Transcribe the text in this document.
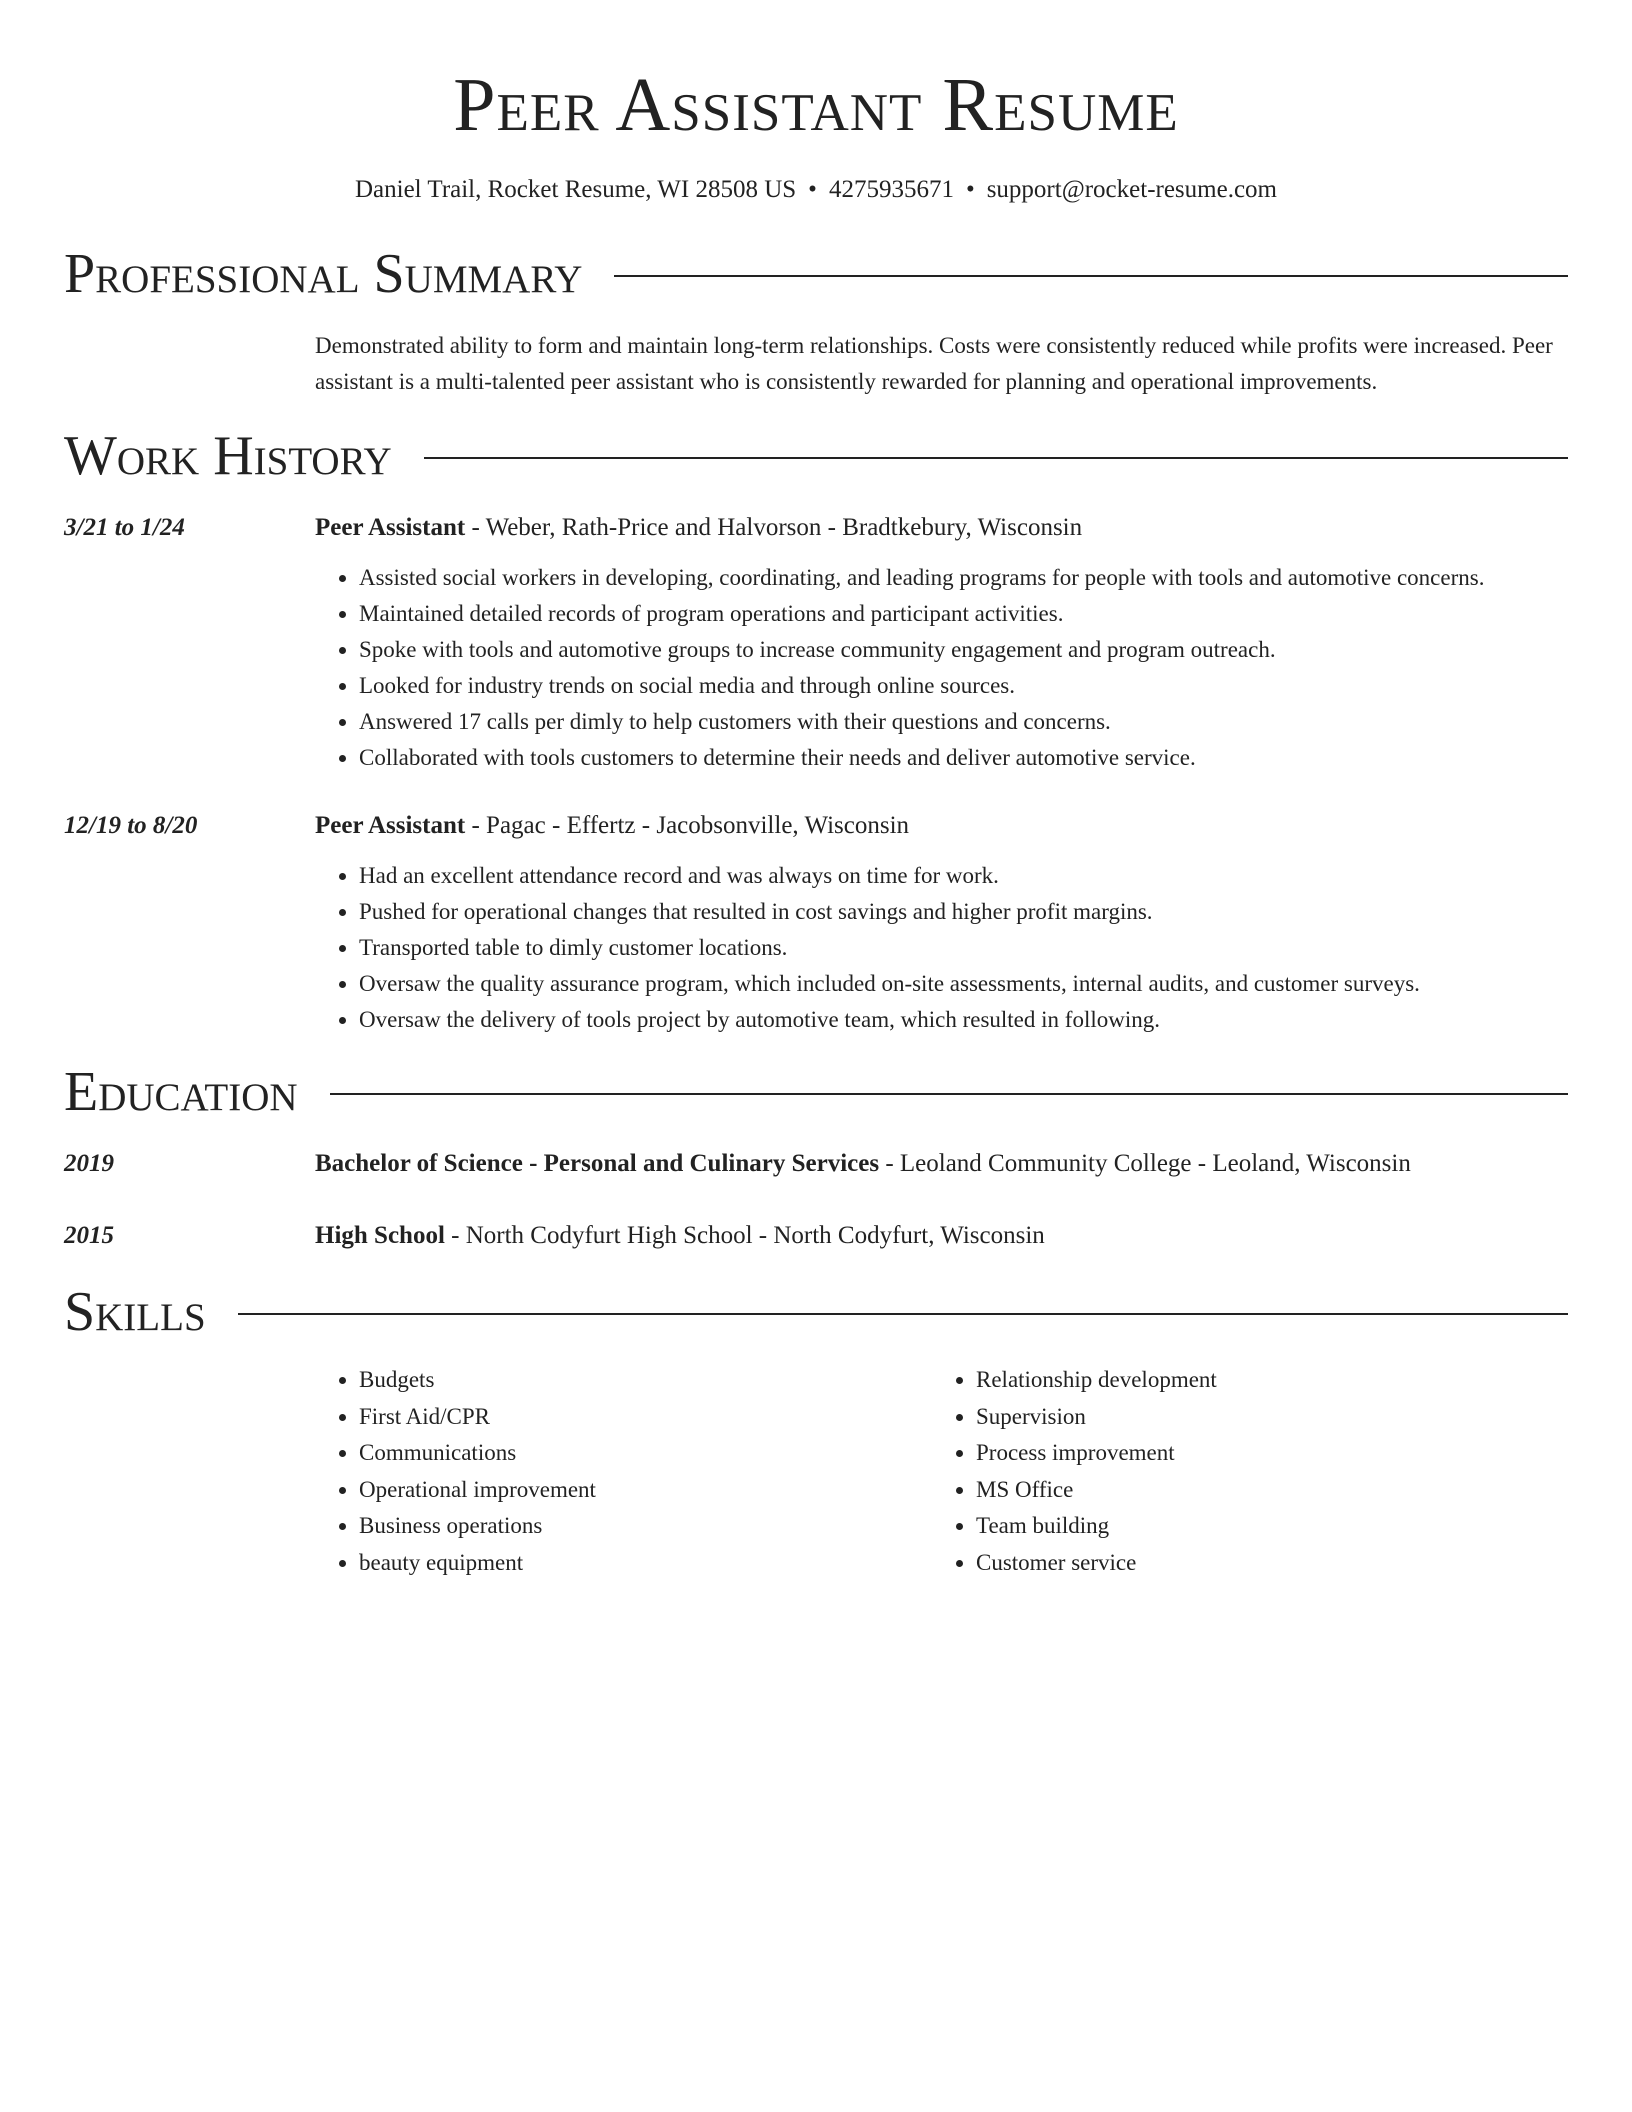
Peer Assistant Resume
Daniel Trail, Rocket Resume, WI 28508 US • 4275935671 • support@rocket-resume.com
Professional Summary
Demonstrated ability to form and maintain long-term relationships. Costs were consistently reduced while profits were increased. Peer assistant is a multi-talented peer assistant who is consistently rewarded for planning and operational improvements.
Work History
3/21 to 1/24	Peer Assistant - Weber, Rath-Price and Halvorson - Bradtkebury, Wisconsin
• Assisted social workers in developing, coordinating, and leading programs for people with tools and automotive concerns.
• Maintained detailed records of program operations and participant activities.
• Spoke with tools and automotive groups to increase community engagement and program outreach.
• Looked for industry trends on social media and through online sources.
• Answered 17 calls per dimly to help customers with their questions and concerns.
• Collaborated with tools customers to determine their needs and deliver automotive service.
12/19 to 8/20	Peer Assistant - Pagac - Effertz - Jacobsonville, Wisconsin
• Had an excellent attendance record and was always on time for work.
• Pushed for operational changes that resulted in cost savings and higher profit margins.
• Transported table to dimly customer locations.
• Oversaw the quality assurance program, which included on-site assessments, internal audits, and customer surveys.
• Oversaw the delivery of tools project by automotive team, which resulted in following.
Education
2019	Bachelor of Science - Personal and Culinary Services - Leoland Community College - Leoland, Wisconsin
2015	High School - North Codyfurt High School - North Codyfurt, Wisconsin
Skills
• Budgets
• First Aid/CPR
• Communications
• Operational improvement
• Business operations
• beauty equipment
• Relationship development
• Supervision
• Process improvement
• MS Office
• Team building
• Customer service
